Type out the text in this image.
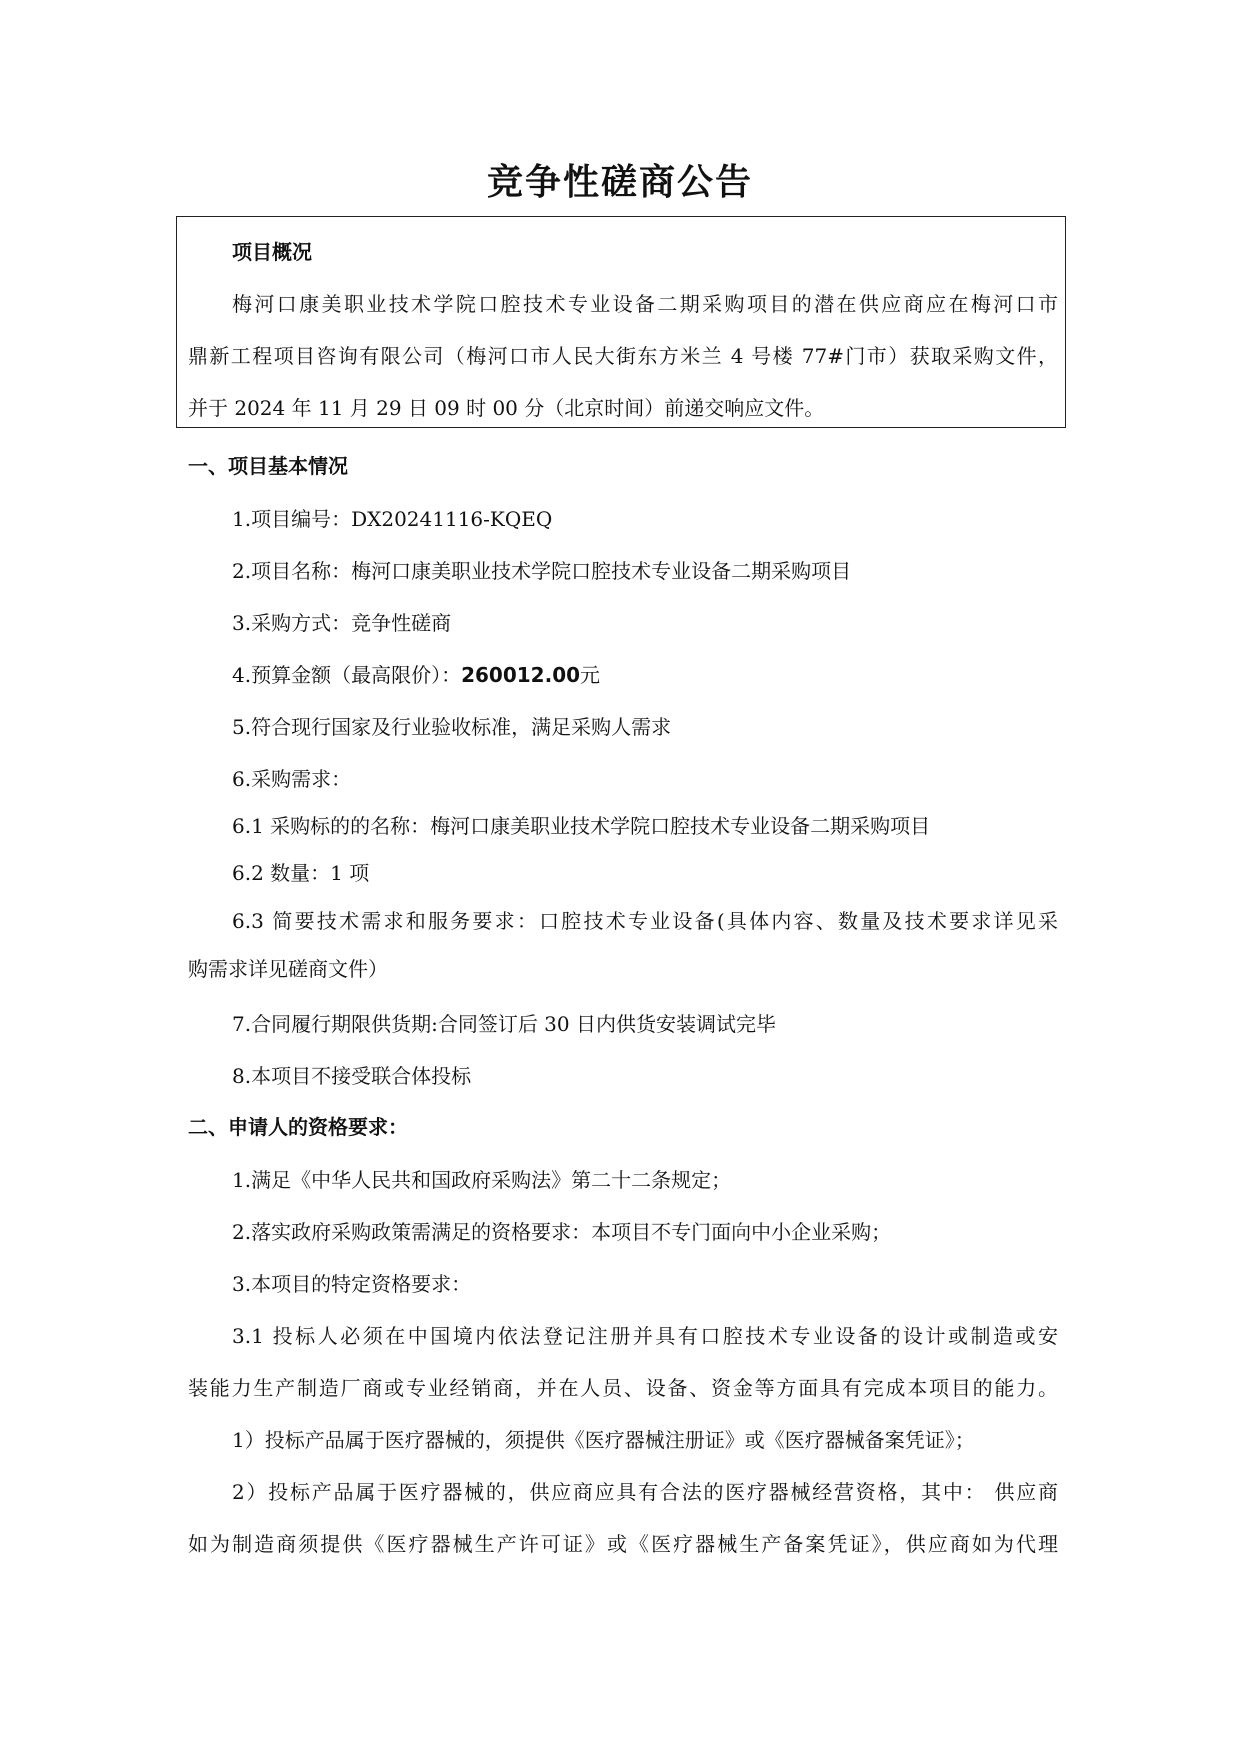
竞争性磋商公告
项目概况
梅河口康美职业技术学院口腔技术专业设备二期采购项目的潜在供应商应在梅河口市
鼎新工程项目咨询有限公司（梅河口市人民大街东方米兰 4 号楼 77#门市）获取采购文件，
并于 2024 年 11 月 29 日 09 时 00 分（北京时间）前递交响应文件。
一、项目基本情况
1.项目编号：DX20241116-KQEQ
2.项目名称：梅河口康美职业技术学院口腔技术专业设备二期采购项目
3.采购方式：竞争性磋商
4.预算金额（最高限价）：260012.00元
5.符合现行国家及行业验收标准，满足采购人需求
6.采购需求：
6.1 采购标的的名称：梅河口康美职业技术学院口腔技术专业设备二期采购项目
6.2 数量：1 项
6.3 简要技术需求和服务要求：口腔技术专业设备(具体内容、数量及技术要求详见采
购需求详见磋商文件）
7.合同履行期限供货期:合同签订后 30 日内供货安装调试完毕
8.本项目不接受联合体投标
二、申请人的资格要求：
1.满足《中华人民共和国政府采购法》第二十二条规定；
2.落实政府采购政策需满足的资格要求：本项目不专门面向中小企业采购；
3.本项目的特定资格要求：
3.1 投标人必须在中国境内依法登记注册并具有口腔技术专业设备的设计或制造或安
装能力生产制造厂商或专业经销商，并在人员、设备、资金等方面具有完成本项目的能力。
1）投标产品属于医疗器械的，须提供《医疗器械注册证》或《医疗器械备案凭证》；
2）投标产品属于医疗器械的，供应商应具有合法的医疗器械经营资格，其中： 供应商
如为制造商须提供《医疗器械生产许可证》或《医疗器械生产备案凭证》，供应商如为代理
